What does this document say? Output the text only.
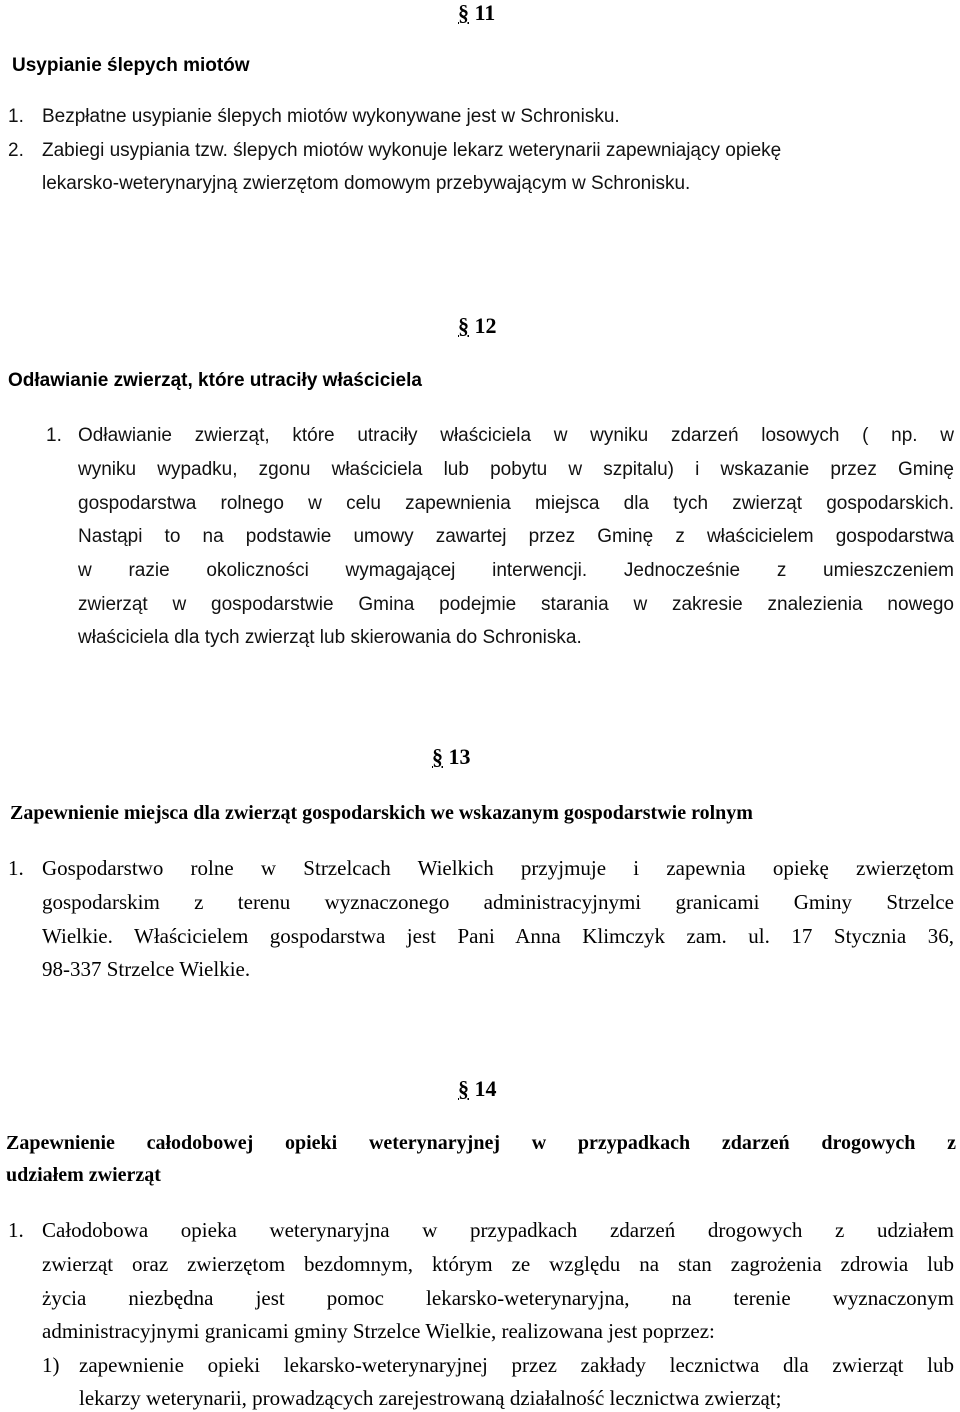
§ 11
Usypianie ślepych miotów
1. Bezpłatne usypianie ślepych miotów wykonywane jest w Schronisku.
2. Zabiegi usypiania tzw. ślepych miotów wykonuje lekarz weterynarii zapewniający opiekę
lekarsko-weterynaryjną zwierzętom domowym przebywającym w Schronisku.
§ 12
Odławianie zwierząt, które utraciły właściciela
1. Odławianie zwierząt, które utraciły właściciela w wyniku zdarzeń losowych ( np. w
wyniku wypadku, zgonu właściciela lub pobytu w szpitalu) i wskazanie przez Gminę
gospodarstwa rolnego w celu zapewnienia miejsca dla tych zwierząt gospodarskich.
Nastąpi to na podstawie umowy zawartej przez Gminę z właścicielem gospodarstwa
w razie okoliczności wymagającej interwencji. Jednocześnie z umieszczeniem
zwierząt w gospodarstwie Gmina podejmie starania w zakresie znalezienia nowego
właściciela dla tych zwierząt lub skierowania do Schroniska.
§ 13
Zapewnienie miejsca dla zwierząt gospodarskich we wskazanym gospodarstwie rolnym
1. Gospodarstwo rolne w Strzelcach Wielkich przyjmuje i zapewnia opiekę zwierzętom
gospodarskim z terenu wyznaczonego administracyjnymi granicami Gminy Strzelce
Wielkie. Właścicielem gospodarstwa jest Pani Anna Klimczyk zam. ul. 17 Stycznia 36,
98-337 Strzelce Wielkie.
§ 14
Zapewnienie całodobowej opieki weterynaryjnej w przypadkach zdarzeń drogowych z
udziałem zwierząt
1. Całodobowa opieka weterynaryjna w przypadkach zdarzeń drogowych z udziałem
zwierząt oraz zwierzętom bezdomnym, którym ze względu na stan zagrożenia zdrowia lub
życia niezbędna jest pomoc lekarsko-weterynaryjna, na terenie wyznaczonym
administracyjnymi granicami gminy Strzelce Wielkie, realizowana jest poprzez:
1) zapewnienie opieki lekarsko-weterynaryjnej przez zakłady lecznictwa dla zwierząt lub
lekarzy weterynarii, prowadzących zarejestrowaną działalność lecznictwa zwierząt;
